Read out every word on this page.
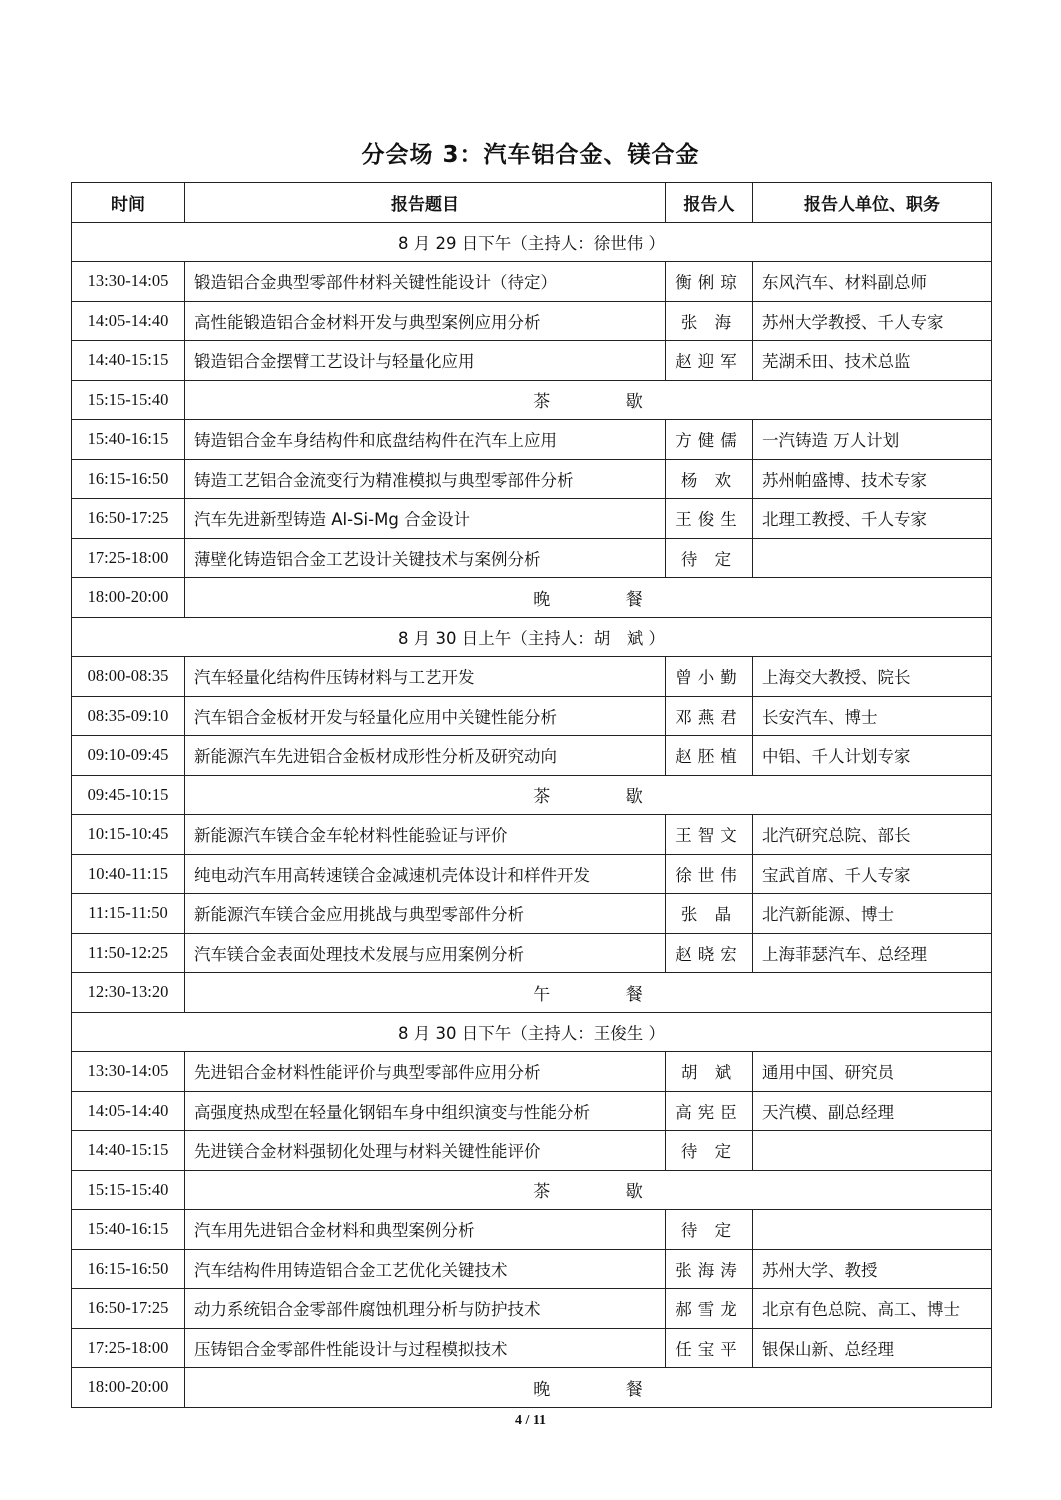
分会场 3：汽车铝合金、镁合金
时间	报告题目	报告人	报告人单位、职务
8 月 29 日下午（主持人：徐世伟 ）			
13:30-14:05	锻造铝合金典型零部件材料关键性能设计（待定）	衡俐琼	东风汽车、材料副总师
14:05-14:40	高性能锻造铝合金材料开发与典型案例应用分析	张 海	苏州大学教授、千人专家
14:40-15:15	锻造铝合金摆臂工艺设计与轻量化应用	赵迎军	芜湖禾田、技术总监
15:15-15:40	茶 歇		
15:40-16:15	铸造铝合金车身结构件和底盘结构件在汽车上应用	方健儒	一汽铸造 万人计划
16:15-16:50	铸造工艺铝合金流变行为精准模拟与典型零部件分析	杨 欢	苏州帕盛博、技术专家
16:50-17:25	汽车先进新型铸造 Al-Si-Mg 合金设计	王俊生	北理工教授、千人专家
17:25-18:00	薄壁化铸造铝合金工艺设计关键技术与案例分析	待 定	
18:00-20:00	晚 餐		
8 月 30 日上午（主持人：胡　斌 ）			
08:00-08:35	汽车轻量化结构件压铸材料与工艺开发	曾小勤	上海交大教授、院长
08:35-09:10	汽车铝合金板材开发与轻量化应用中关键性能分析	邓燕君	长安汽车、博士
09:10-09:45	新能源汽车先进铝合金板材成形性分析及研究动向	赵胚植	中铝、千人计划专家
09:45-10:15	茶 歇		
10:15-10:45	新能源汽车镁合金车轮材料性能验证与评价	王智文	北汽研究总院、部长
10:40-11:15	纯电动汽车用高转速镁合金减速机壳体设计和样件开发	徐世伟	宝武首席、千人专家
11:15-11:50	新能源汽车镁合金应用挑战与典型零部件分析	张 晶	北汽新能源、博士
11:50-12:25	汽车镁合金表面处理技术发展与应用案例分析	赵晓宏	上海菲瑟汽车、总经理
12:30-13:20	午 餐		
8 月 30 日下午（主持人：王俊生 ）			
13:30-14:05	先进铝合金材料性能评价与典型零部件应用分析	胡 斌	通用中国、研究员
14:05-14:40	高强度热成型在轻量化钢铝车身中组织演变与性能分析	高宪臣	天汽模、副总经理
14:40-15:15	先进镁合金材料强韧化处理与材料关键性能评价	待 定	
15:15-15:40	茶 歇		
15:40-16:15	汽车用先进铝合金材料和典型案例分析	待 定	
16:15-16:50	汽车结构件用铸造铝合金工艺优化关键技术	张海涛	苏州大学、教授
16:50-17:25	动力系统铝合金零部件腐蚀机理分析与防护技术	郝雪龙	北京有色总院、高工、博士
17:25-18:00	压铸铝合金零部件性能设计与过程模拟技术	任宝平	银保山新、总经理
18:00-20:00	晚 餐		
4 / 11
